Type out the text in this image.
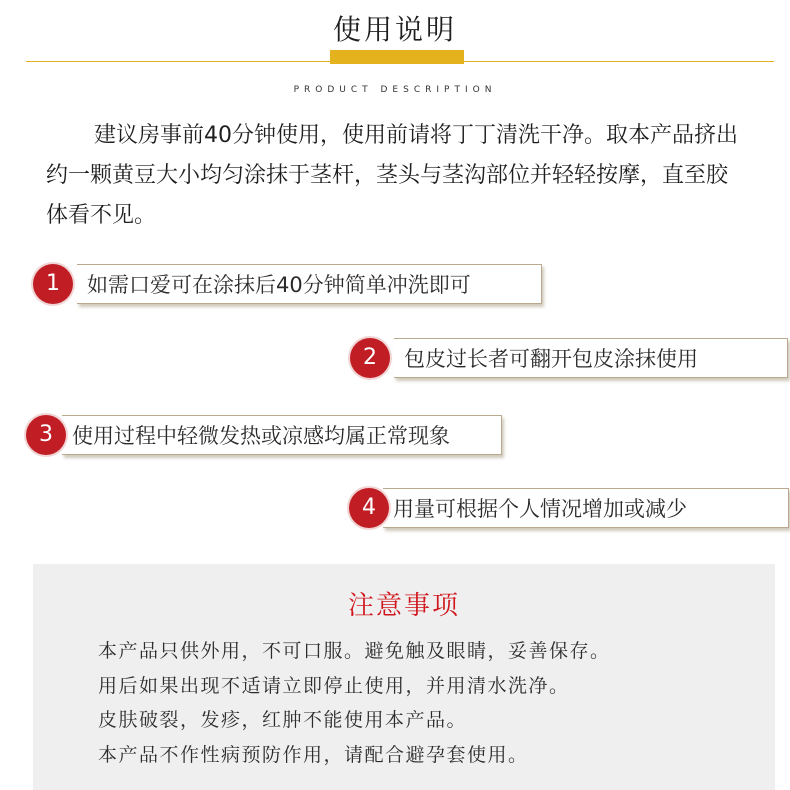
使用说明
PRODUCT DESCRIPTION
建议房事前40分钟使用，使用前请将丁丁清洗干净。取本产品挤出约一颗黄豆大小均匀涂抹于茎杆，茎头与茎沟部位并轻轻按摩，直至胶体看不见。
1	如需口爱可在涂抹后40分钟简单冲洗即可
2	包皮过长者可翻开包皮涂抹使用
3 使用过程中轻微发热或凉感均属正常现象
4 用量可根据个人情况增加或减少
注意事项
本产品只供外用，不可口服。避免触及眼睛，妥善保存。
用后如果出现不适请立即停止使用，并用清水洗净。
皮肤破裂，发疹，红肿不能使用本产品。
本产品不作性病预防作用，请配合避孕套使用。
